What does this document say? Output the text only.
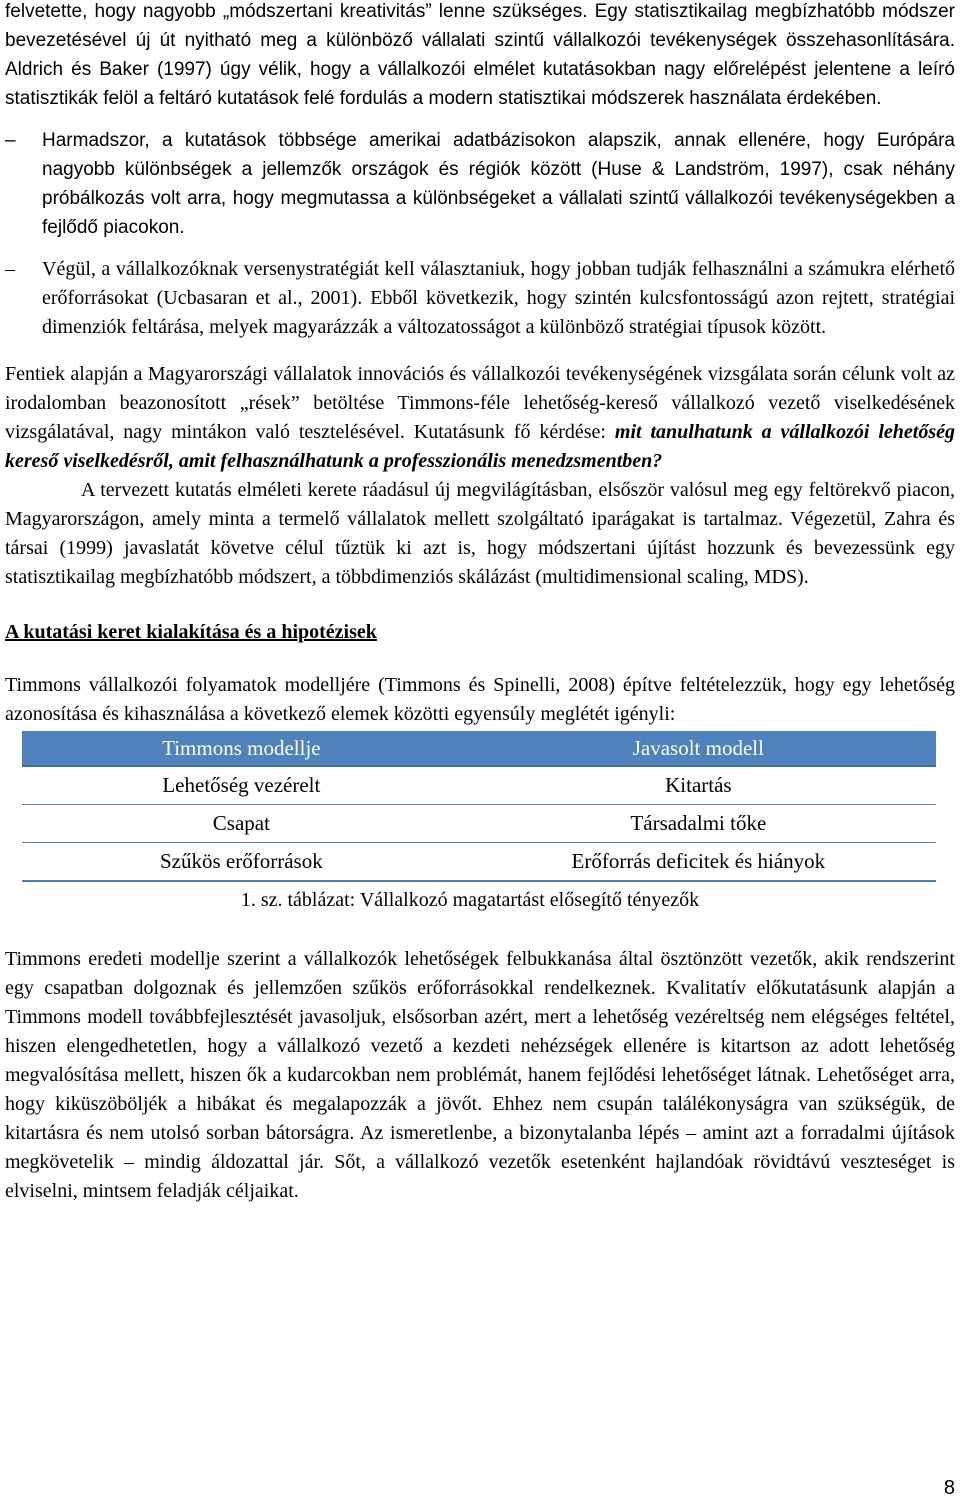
felvetette, hogy nagyobb „módszertani kreativitás” lenne szükséges. Egy statisztikailag megbízhatóbb módszer bevezetésével új út nyitható meg a különböző vállalati szintű vállalkozói tevékenységek összehasonlítására. Aldrich és Baker (1997) úgy vélik, hogy a vállalkozói elmélet kutatásokban nagy előrelépést jelentene a leíró statisztikák felöl a feltáró kutatások felé fordulás a modern statisztikai módszerek használata érdekében.

– Harmadszor, a kutatások többsége amerikai adatbázisokon alapszik, annak ellenére, hogy Európára nagyobb különbségek a jellemzők országok és régiók között (Huse & Landström, 1997), csak néhány próbálkozás volt arra, hogy megmutassa a különbségeket a vállalati szintű vállalkozói tevékenységekben a fejlődő piacokon.

– Végül, a vállalkozóknak versenystratégiát kell választaniuk, hogy jobban tudják felhasználni a számukra elérhető erőforrásokat (Ucbasaran et al., 2001). Ebből következik, hogy szintén kulcsfontosságú azon rejtett, stratégiai dimenziók feltárása, melyek magyarázzák a változatosságot a különböző stratégiai típusok között.

Fentiek alapján a Magyarországi vállalatok innovációs és vállalkozói tevékenységének vizsgálata során célunk volt az irodalomban beazonosított „rések” betöltése Timmons-féle lehetőség-kereső vállalkozó vezető viselkedésének vizsgálatával, nagy mintákon való tesztelésével. Kutatásunk fő kérdése: mit tanulhatunk a vállalkozói lehetőség kereső viselkedésről, amit felhasználhatunk a professzionális menedzsmentben?

A tervezett kutatás elméleti kerete ráadásul új megvilágításban, elsőször valósul meg egy feltörekvő piacon, Magyarországon, amely minta a termelő vállalatok mellett szolgáltató iparágakat is tartalmaz. Végezetül, Zahra és társai (1999) javaslatát követve célul tűztük ki azt is, hogy módszertani újítást hozzunk és bevezessünk egy statisztikailag megbízhatóbb módszert, a többdimenziós skálázást (multidimensional scaling, MDS).

A kutatási keret kialakítása és a hipotézisek

Timmons vállalkozói folyamatok modelljére (Timmons és Spinelli, 2008) építve feltételezzük, hogy egy lehetőség azonosítása és kihasználása a következő elemek közötti egyensúly meglétét igényli:

Timmons modellje	Javasolt modell
Lehetőség vezérelt	Kitartás
Csapat	Társadalmi tőke
Szűkös erőforrások	Erőforrás deficitek és hiányok
1. sz. táblázat: Vállalkozó magatartást elősegítő tényezők

Timmons eredeti modellje szerint a vállalkozók lehetőségek felbukkanása által ösztönzött vezetők, akik rendszerint egy csapatban dolgoznak és jellemzően szűkös erőforrásokkal rendelkeznek. Kvalitatív előkutatásunk alapján a Timmons modell továbbfejlesztését javasoljuk, elsősorban azért, mert a lehetőség vezéreltség nem elégséges feltétel, hiszen elengedhetetlen, hogy a vállalkozó vezető a kezdeti nehézségek ellenére is kitartson az adott lehetőség megvalósítása mellett, hiszen ők a kudarcokban nem problémát, hanem fejlődési lehetőséget látnak. Lehetőséget arra, hogy kiküszöböljék a hibákat és megalapozzák a jövőt. Ehhez nem csupán találékonyságra van szükségük, de kitartásra és nem utolsó sorban bátorságra. Az ismeretlenbe, a bizonytalanba lépés – amint azt a forradalmi újítások megkövetelik – mindig áldozattal jár. Sőt, a vállalkozó vezetők esetenként hajlandóak rövidtávú veszteséget is elviselni, mintsem feladják céljaikat.

8
